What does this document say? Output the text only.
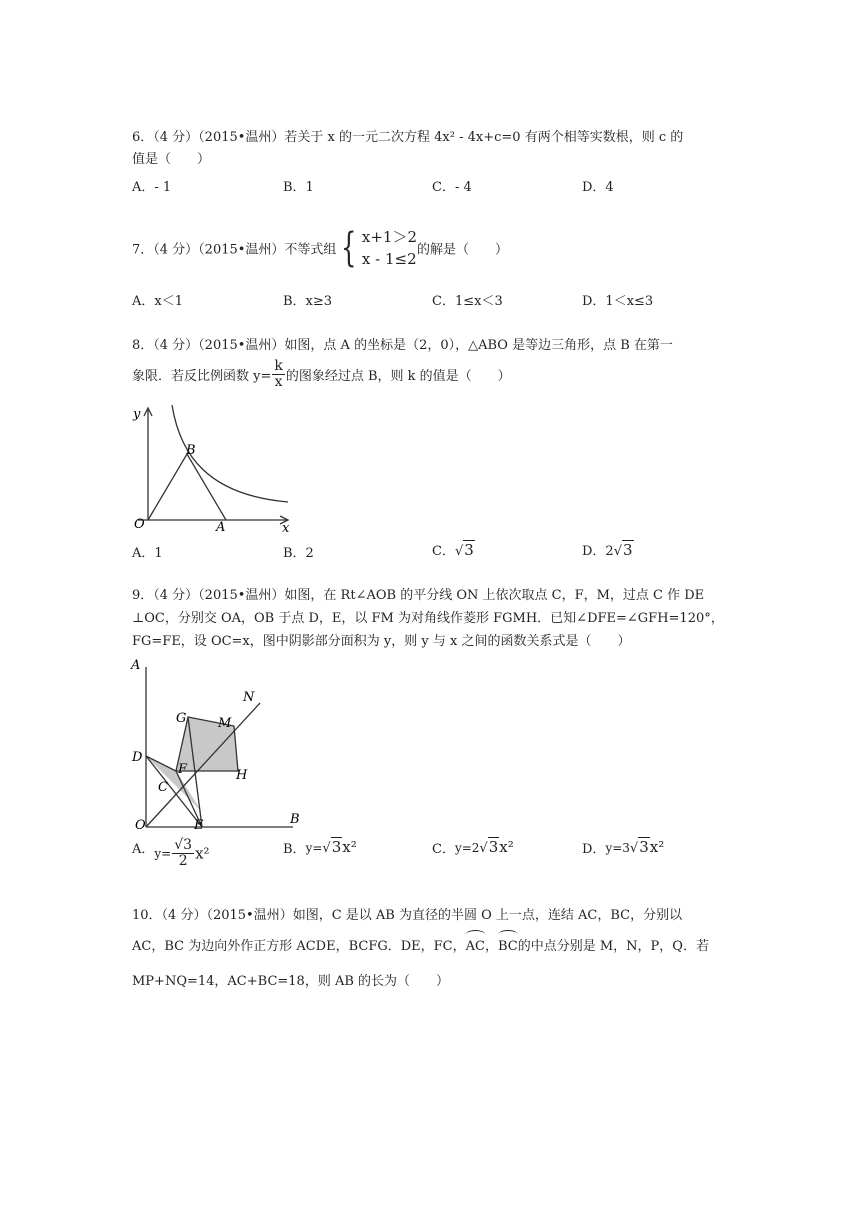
6．（4 分）（2015•温州）若关于 x 的一元二次方程 4x² - 4x+c=0 有两个相等实数根，则 c 的
值是（　　）
A．- 1	B．1	C．- 4	D．4
7．（4 分）（2015•温州）不等式组 { x+1＞2
x - 1≤2 的解是（　　）
A．x＜1	B．x≥3	C．1≤x＜3	D．1＜x≤3
8．（4 分）（2015•温州）如图，点 A 的坐标是（2，0），△ABO 是等边三角形，点 B 在第一
象限．若反比例函数 $y= \frac{k}{x}$ 的图象经过点 B，则 k 的值是（　　）
y
x
O	A
B
A．1	B．2	C．√3	D．2√3
9．（4 分）（2015•温州）如图，在 Rt∠AOB 的平分线 ON 上依次取点 C，F，M，过点 C 作 DE
⊥OC，分别交 OA，OB 于点 D，E，以 FM 为对角线作菱形 FGMH．已知∠DFE=∠GFH=120°，
FG=FE，设 OC=x，图中阴影部分面积为 y，则 y 与 x 之间的函数关系式是（　　）
A
B
N
G M
D
F	H
C
O	E
A．$y= \frac{√3}{2} x^2$	B．y=√3x²	C．y=2√3x²	D．y=3√3x²
10．（4 分）（2015•温州）如图，C 是以 AB 为直径的半圆 O 上一点，连结 AC，BC，分别以
AC，BC 为边向外作正方形 ACDE，BCFG．DE，FC，AC，BC的中点分别是 M，N，P，Q．若
MP+NQ=14，AC+BC=18，则 AB 的长为（　　）
